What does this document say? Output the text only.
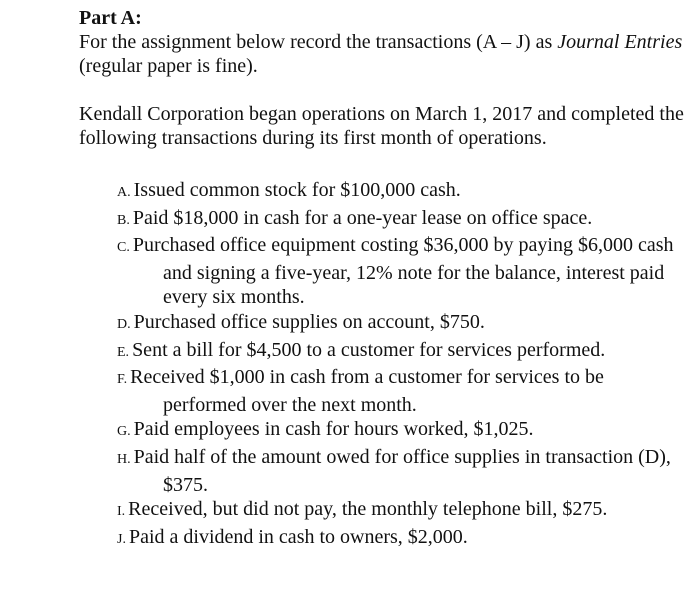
Part A:

For the assignment below record the transactions (A – J) as Journal Entries (regular paper is fine).

Kendall Corporation began operations on March 1, 2017 and completed the following transactions during its first month of operations.

A. Issued common stock for $100,000 cash.
B. Paid $18,000 in cash for a one-year lease on office space.
C. Purchased office equipment costing $36,000 by paying $6,000 cash and signing a five-year, 12% note for the balance, interest paid every six months.
D. Purchased office supplies on account, $750.
E. Sent a bill for $4,500 to a customer for services performed.
F. Received $1,000 in cash from a customer for services to be performed over the next month.
G. Paid employees in cash for hours worked, $1,025.
H. Paid half of the amount owed for office supplies in transaction (D), $375.
I. Received, but did not pay, the monthly telephone bill, $275.
J. Paid a dividend in cash to owners, $2,000.
